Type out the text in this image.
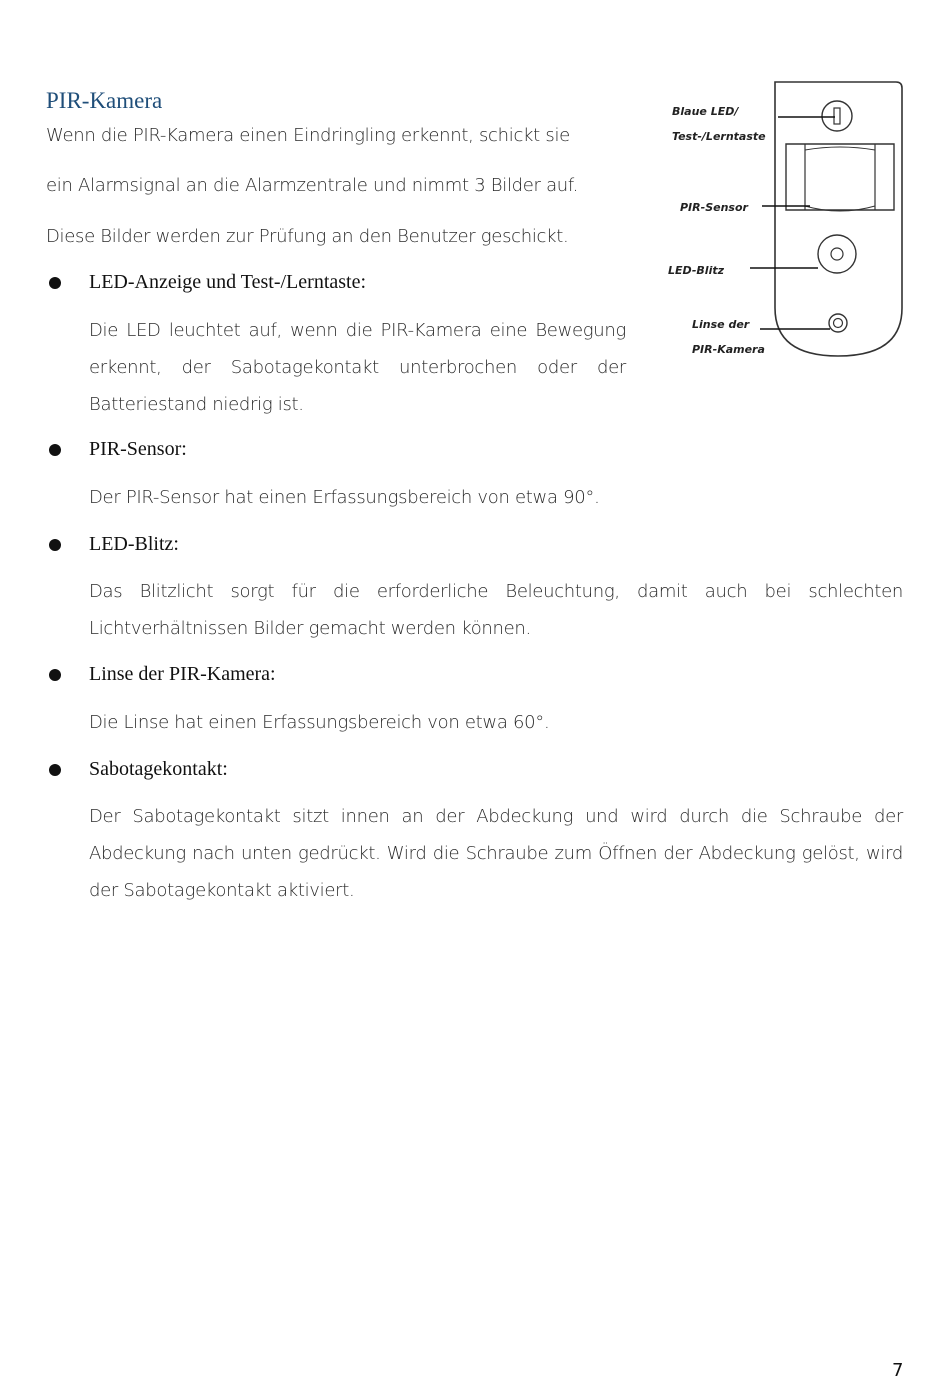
PIR-Kamera
Wenn die PIR-Kamera einen Eindringling erkennt, schickt sie
ein Alarmsignal an die Alarmzentrale und nimmt 3 Bilder auf.
Diese Bilder werden zur Prüfung an den Benutzer geschickt.
LED-Anzeige und Test-/Lerntaste:
Die LED leuchtet auf, wenn die PIR-Kamera eine Bewegung
erkennt, der Sabotagekontakt unterbrochen oder der
Batteriestand niedrig ist.
PIR-Sensor:
Der PIR-Sensor hat einen Erfassungsbereich von etwa 90°.
LED-Blitz:
Das Blitzlicht sorgt für die erforderliche Beleuchtung, damit auch bei schlechten
Lichtverhältnissen Bilder gemacht werden können.
Linse der PIR-Kamera:
Die Linse hat einen Erfassungsbereich von etwa 60°.
Sabotagekontakt:
Der Sabotagekontakt sitzt innen an der Abdeckung und wird durch die Schraube der
Abdeckung nach unten gedrückt. Wird die Schraube zum Öffnen der Abdeckung gelöst, wird
der Sabotagekontakt aktiviert.
Blaue LED/
Test-/Lerntaste
PIR-Sensor
LED-Blitz
Linse der
PIR-Kamera
7
